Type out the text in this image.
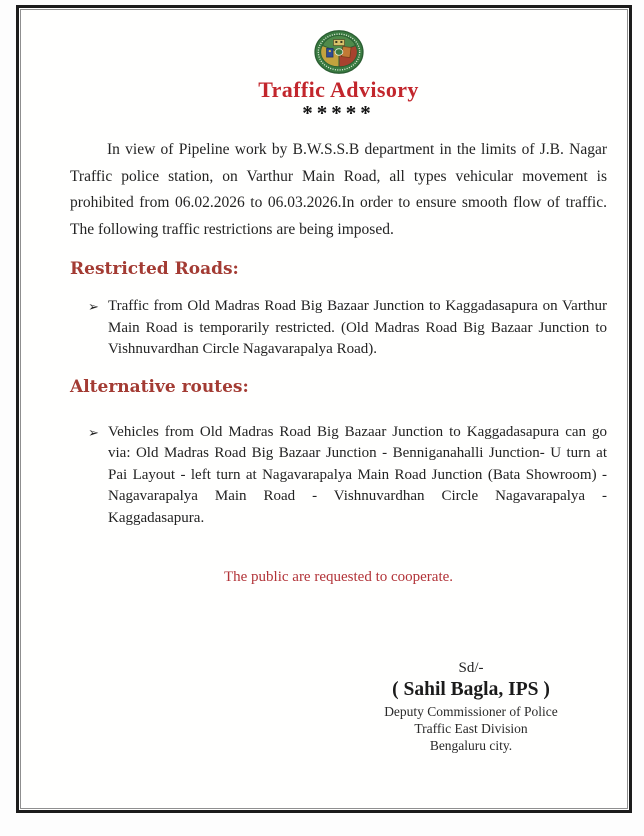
Traffic Advisory
*****

In view of Pipeline work by B.W.S.S.B department in the limits of J.B. Nagar Traffic police station, on Varthur Main Road, all types vehicular movement is prohibited from 06.02.2026 to 06.03.2026.In order to ensure smooth flow of traffic. The following traffic restrictions are being imposed.

Restricted Roads:
➢ Traffic from Old Madras Road Big Bazaar Junction to Kaggadasapura on Varthur Main Road is temporarily restricted. (Old Madras Road Big Bazaar Junction to Vishnuvardhan Circle Nagavarapalya Road).

Alternative routes:
➢ Vehicles from Old Madras Road Big Bazaar Junction to Kaggadasapura can go via: Old Madras Road Big Bazaar Junction - Benniganahalli Junction- U turn at Pai Layout - left turn at Nagavarapalya Main Road Junction (Bata Showroom) - Nagavarapalya Main Road - Vishnuvardhan Circle Nagavarapalya - Kaggadasapura.

The public are requested to cooperate.

Sd/-
( Sahil Bagla, IPS )
Deputy Commissioner of Police
Traffic East Division
Bengaluru city.
